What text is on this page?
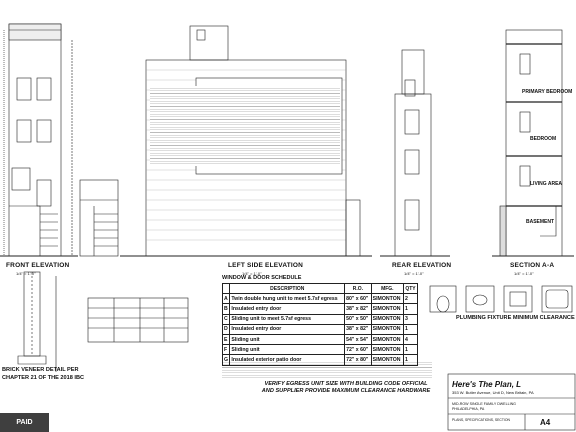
FRONT ELEVATION
1/4" = 1'-0"
LEFT SIDE ELEVATION
1/4" = 1'-0"
REAR ELEVATION
1/4" = 1'-0"
SECTION A-A
1/4" = 1'-0"
PRIMARY BEDROOM
BEDROOM
LIVING AREA
BASEMENT
BRICK VENEER DETAIL PER
CHAPTER 21 OF THE 2018 IBC
WINDOW & DOOR SCHEDULE
	DESCRIPTION	R.O.	MFG.	QTY
A	Twin double hung unit to meet 5.7sf egress	80" x 60"	SIMONTON	2
B	Insulated entry door	38" x 82"	SIMONTON	1
C	Sliding unit to meet 5.7sf egress	50" x 50"	SIMONTON	3
D	Insulated entry door	38" x 82"	SIMONTON	1
E	Sliding unit	54" x 54"	SIMONTON	4
F	Sliding unit	72" x 60"	SIMONTON	1
G	Insulated exterior patio door	72" x 80"	SIMONTON	1
VERIFY EGRESS UNIT SIZE WITH BUILDING CODE OFFICIAL
AND SUPPLIER PROVIDE MAXIMUM CLEARANCE HARDWARE
PLUMBING FIXTURE MINIMUM CLEARANCE
Here's The Plan, L
353 W. Butler Avenue, Unit D, New Britain, PA
MID-ROW SINGLE FAMILY DWELLING
PHILADELPHIA, PA
PLANS, SPECIFICATIONS, SECTION	A4
PAID
